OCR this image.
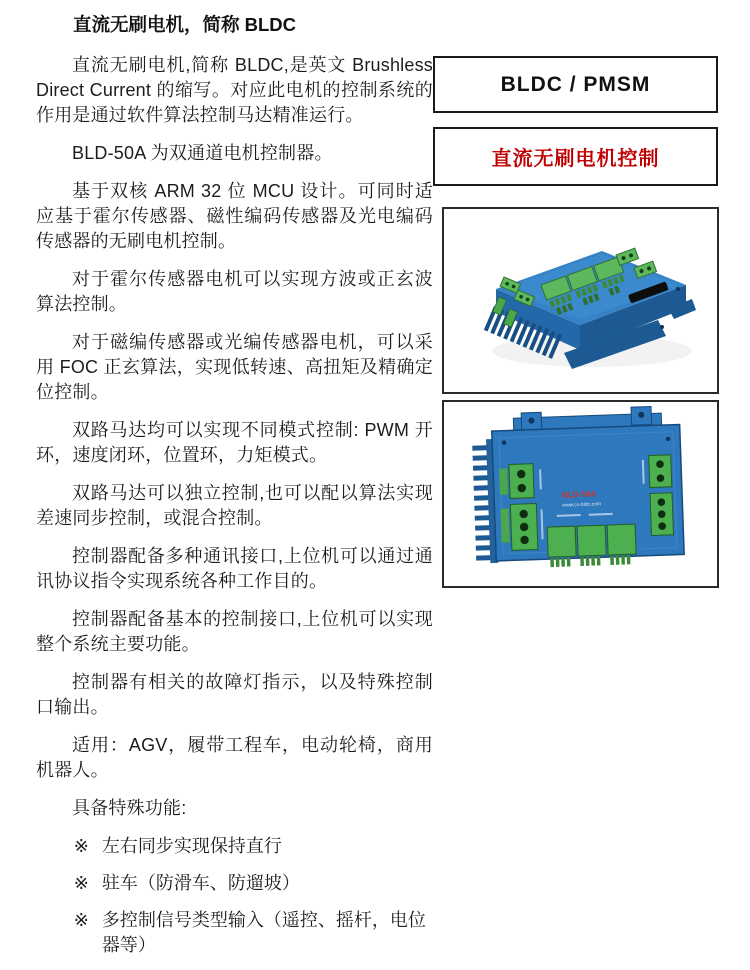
直流无刷电机，简称 BLDC

直流无刷电机,简称 BLDC,是英文 Brushless Direct Current 的缩写。对应此电机的控制系统的作用是通过软件算法控制马达精准运行。

BLD-50A 为双通道电机控制器。

基于双核 ARM 32 位 MCU 设计。可同时适应基于霍尔传感器、磁性编码传感器及光电编码传感器的无刷电机控制。

对于霍尔传感器电机可以实现方波或正玄波算法控制。

对于磁编传感器或光编传感器电机，可以采用 FOC 正玄算法，实现低转速、高扭矩及精确定位控制。

双路马达均可以实现不同模式控制: PWM 开环，速度闭环，位置环，力矩模式。

双路马达可以独立控制,也可以配以算法实现差速同步控制，或混合控制。

控制器配备多种通讯接口,上位机可以通过通讯协议指令实现系统各种工作目的。

控制器配备基本的控制接口,上位机可以实现整个系统主要功能。

控制器有相关的故障灯指示，以及特殊控制口输出。

适用：AGV，履带工程车，电动轮椅，商用机器人。

具备特殊功能:

※ 左右同步实现保持直行
※ 驻车（防滑车、防遛坡）
※ 多控制信号类型输入（遥控、摇杆，电位器等）
BLDC / PMSM
直流无刷电机控制
BLD-50A
www.cx-bldc.com
